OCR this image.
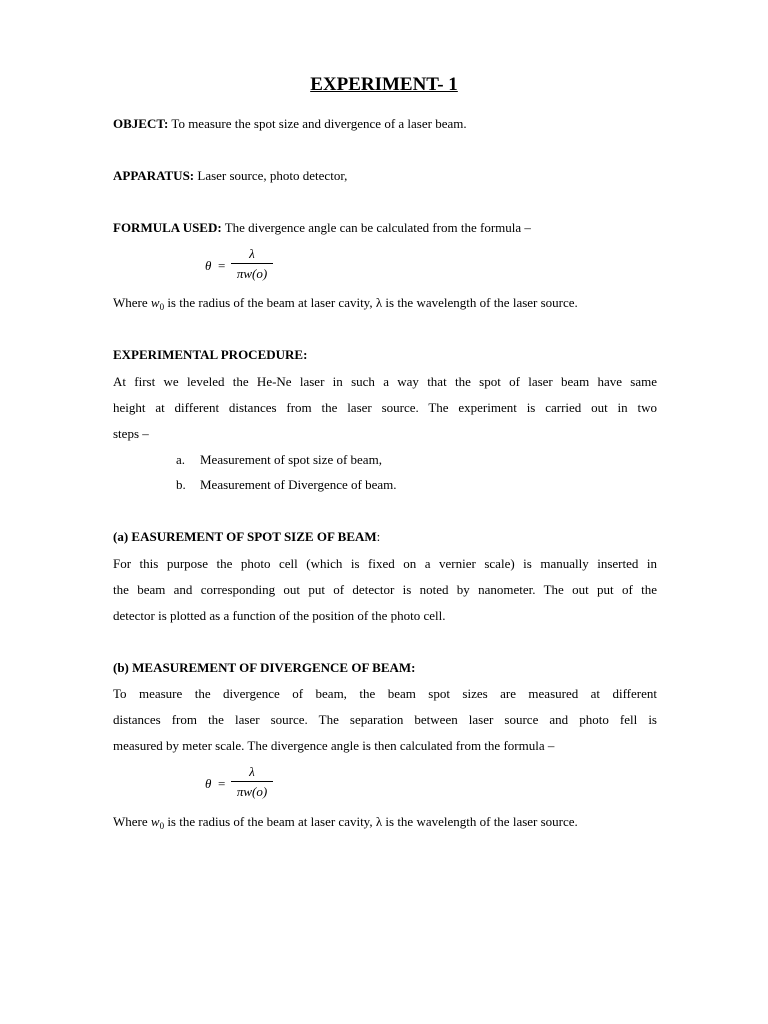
EXPERIMENT- 1
OBJECT: To measure the spot size and divergence of a laser beam.
APPARATUS: Laser source, photo detector,
FORMULA USED: The divergence angle can be calculated from the formula –
θ =
λ
πw(o)
Where $w_0$ is the radius of the beam at laser cavity, λ is the wavelength of the laser source.
EXPERIMENTAL PROCEDURE:
At first we leveled the He-Ne laser in such a way that the spot of laser beam have same
height at different distances from the laser source. The experiment is carried out in two
steps –
a. Measurement of spot size of beam,
b. Measurement of Divergence of beam.
(a) EASUREMENT OF SPOT SIZE OF BEAM:
For this purpose the photo cell (which is fixed on a vernier scale) is manually inserted in
the beam and corresponding out put of detector is noted by nanometer. The out put of the
detector is plotted as a function of the position of the photo cell.
(b) MEASUREMENT OF DIVERGENCE OF BEAM:
To measure the divergence of beam, the beam spot sizes are measured at different
distances from the laser source. The separation between laser source and photo fell is
measured by meter scale. The divergence angle is then calculated from the formula –
θ =
λ
πw(o)
Where $w_0$ is the radius of the beam at laser cavity, λ is the wavelength of the laser source.
